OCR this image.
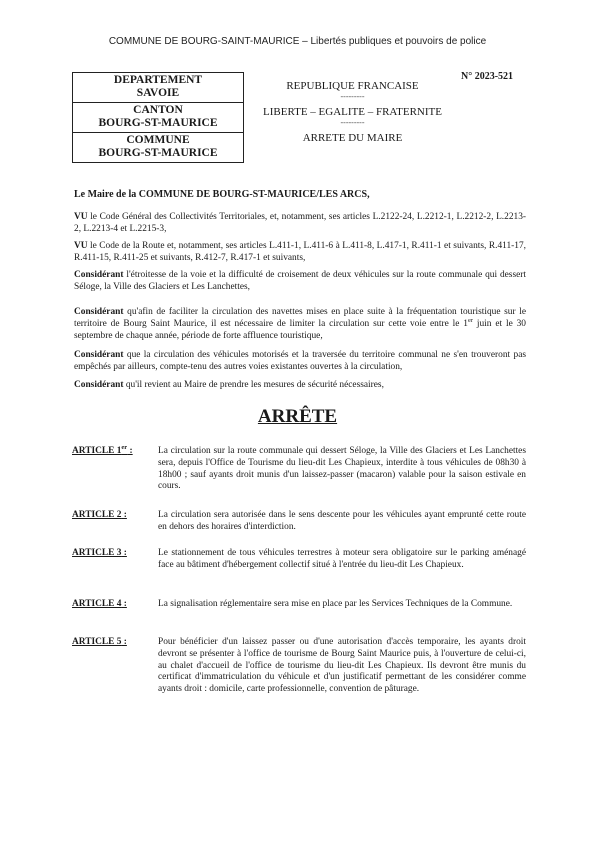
COMMUNE DE BOURG-SAINT-MAURICE – Libertés publiques et pouvoirs de police
DEPARTEMENT
SAVOIE
CANTON
BOURG-ST-MAURICE
COMMUNE
BOURG-ST-MAURICE
REPUBLIQUE FRANCAISE
---------
LIBERTE – EGALITE – FRATERNITE
---------
ARRETE DU MAIRE
N° 2023-521
Le Maire de la COMMUNE DE BOURG-ST-MAURICE/LES ARCS,
VU le Code Général des Collectivités Territoriales, et, notamment, ses articles L.2122-24, L.2212-1, L.2212-2, L.2213-2, L.2213-4 et L.2215-3,
VU le Code de la Route et, notamment, ses articles L.411-1, L.411-6 à L.411-8, L.417-1, R.411-1 et suivants, R.411-17, R.411-15, R.411-25 et suivants, R.412-7, R.417-1 et suivants,
Considérant l'étroitesse de la voie et la difficulté de croisement de deux véhicules sur la route communale qui dessert Séloge, la Ville des Glaciers et Les Lanchettes,
Considérant qu'afin de faciliter la circulation des navettes mises en place suite à la fréquentation touristique sur le territoire de Bourg Saint Maurice, il est nécessaire de limiter la circulation sur cette voie entre le 1er juin et le 30 septembre de chaque année, période de forte affluence touristique,
Considérant que la circulation des véhicules motorisés et la traversée du territoire communal ne s'en trouveront pas empêchés par ailleurs, compte-tenu des autres voies existantes ouvertes à la circulation,
Considérant qu'il revient au Maire de prendre les mesures de sécurité nécessaires,
ARRÊTE
ARTICLE 1er :	La circulation sur la route communale qui dessert Séloge, la Ville des Glaciers et Les Lanchettes sera, depuis l'Office de Tourisme du lieu-dit Les Chapieux, interdite à tous véhicules de 08h30 à 18h00 ; sauf ayants droit munis d'un laissez-passer (macaron) valable pour la saison estivale en cours.
ARTICLE 2 :	La circulation sera autorisée dans le sens descente pour les véhicules ayant emprunté cette route en dehors des horaires d'interdiction.
ARTICLE 3 :	Le stationnement de tous véhicules terrestres à moteur sera obligatoire sur le parking aménagé face au bâtiment d'hébergement collectif situé à l'entrée du lieu-dit Les Chapieux.
ARTICLE 4 :	La signalisation réglementaire sera mise en place par les Services Techniques de la Commune.
ARTICLE 5 :	Pour bénéficier d'un laissez passer ou d'une autorisation d'accès temporaire, les ayants droit devront se présenter à l'office de tourisme de Bourg Saint Maurice puis, à l'ouverture de celui-ci, au chalet d'accueil de l'office de tourisme du lieu-dit Les Chapieux. Ils devront être munis du certificat d'immatriculation du véhicule et d'un justificatif permettant de les considérer comme ayants droit : domicile, carte professionnelle, convention de pâturage.
